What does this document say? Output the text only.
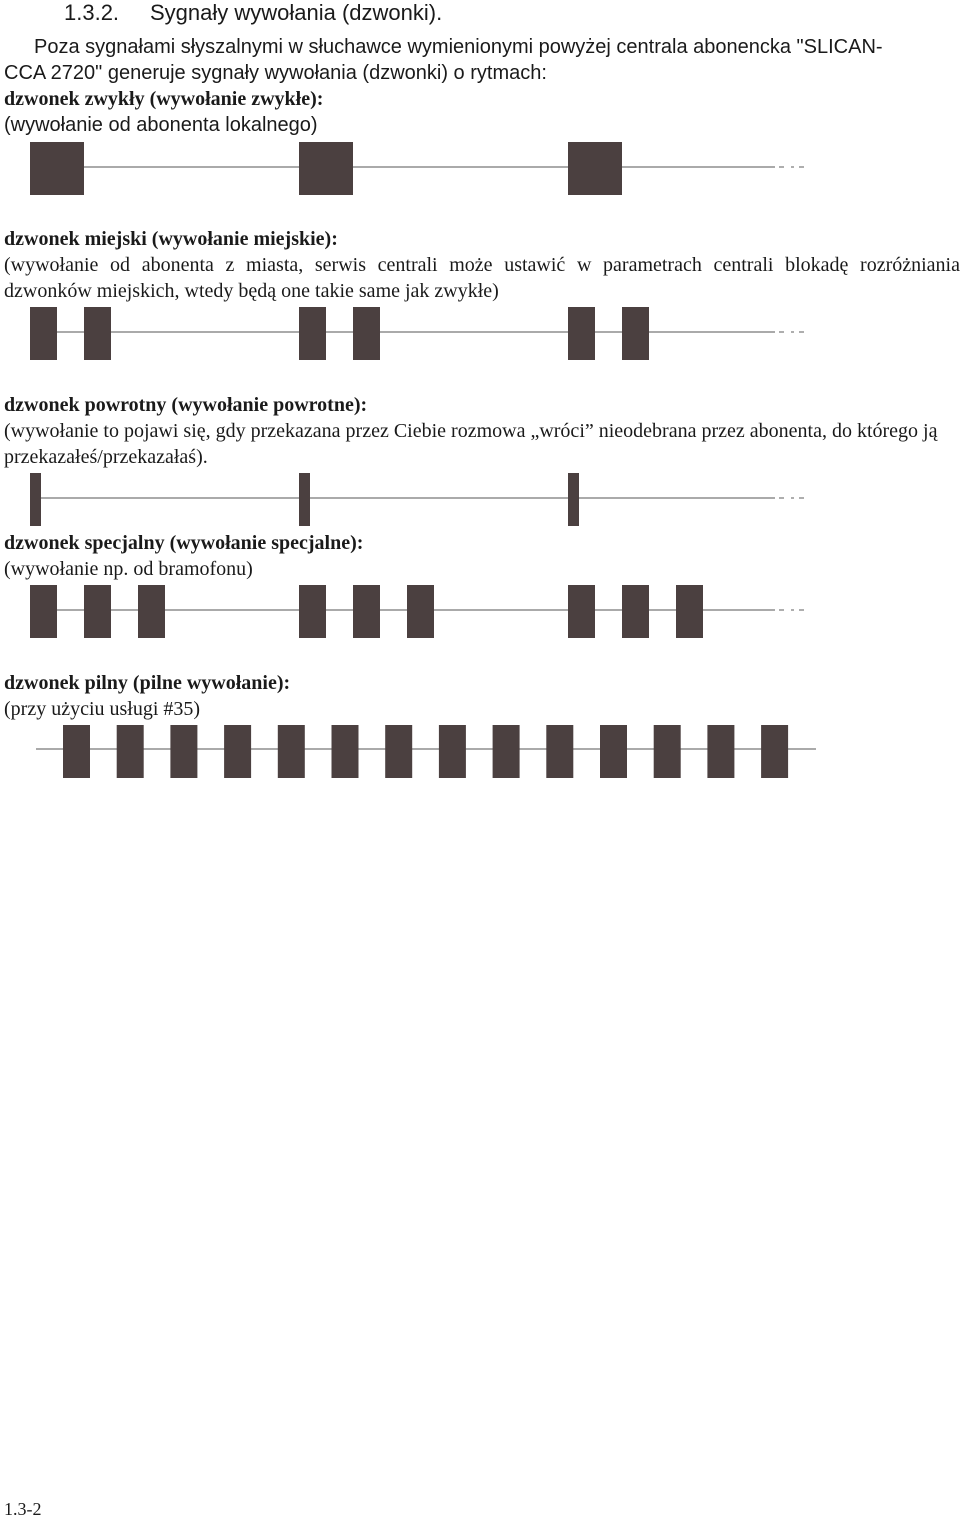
1.3.2. Sygnały wywołania (dzwonki).
Poza sygnałami słyszalnymi w słuchawce wymienionymi powyżej centrala abonencka "SLICAN-
CCA 2720" generuje sygnały wywołania (dzwonki) o rytmach:
dzwonek zwykły (wywołanie zwykłe):
(wywołanie od abonenta lokalnego)
dzwonek miejski (wywołanie miejskie):
(wywołanie od abonenta z miasta, serwis centrali może ustawić w parametrach centrali blokadę rozróżniania dzwonków miejskich, wtedy będą one takie same jak zwykłe)
dzwonek powrotny (wywołanie powrotne):
(wywołanie to pojawi się, gdy przekazana przez Ciebie rozmowa „wróci” nieodebrana przez abonenta, do którego ją przekazałeś/przekazałaś).
dzwonek specjalny (wywołanie specjalne):
(wywołanie np. od bramofonu)
dzwonek pilny (pilne wywołanie):
(przy użyciu usługi #35)
1.3-2
